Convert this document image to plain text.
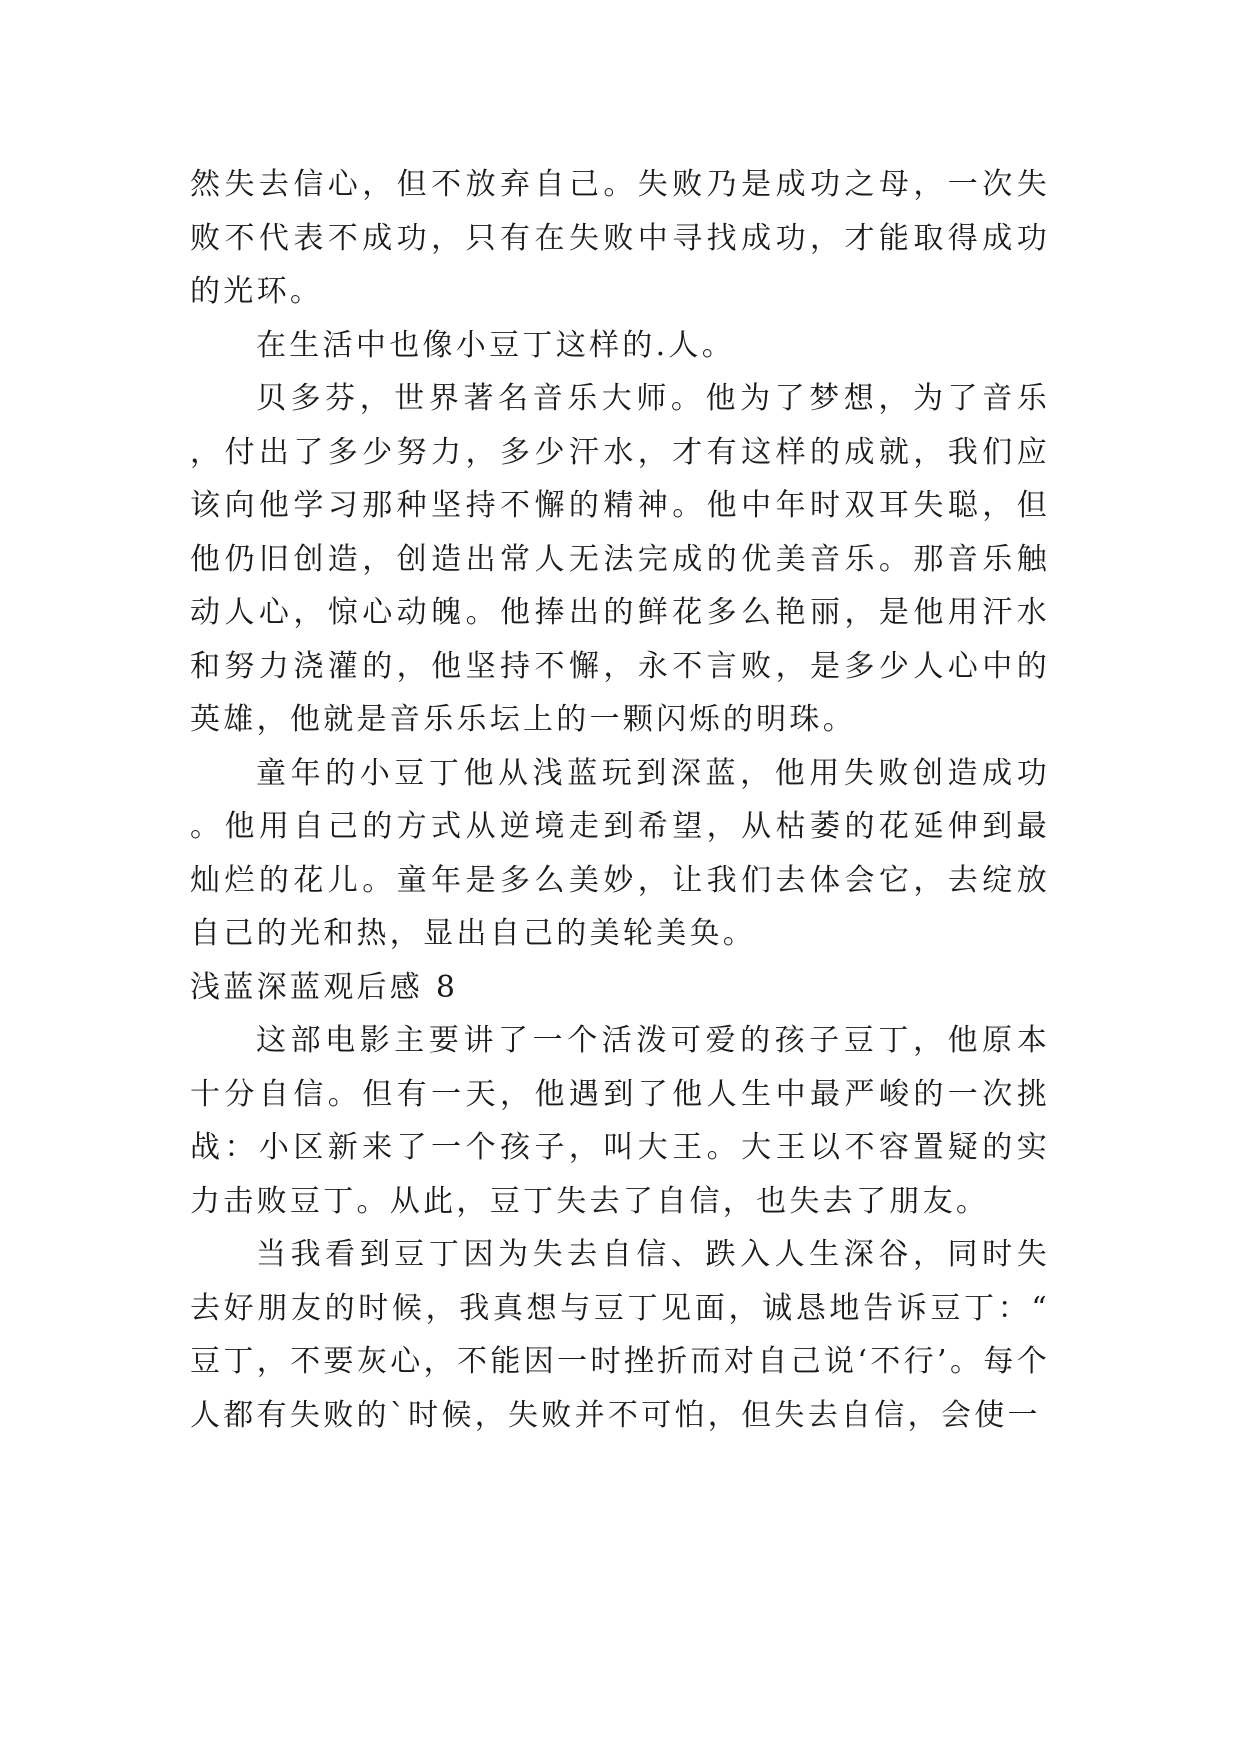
然失去信心，但不放弃自己。失败乃是成功之母，一次失败不代表不成功，只有在失败中寻找成功，才能取得成功的光环。

在生活中也像小豆丁这样的.人。

贝多芬，世界著名音乐大师。他为了梦想，为了音乐，付出了多少努力，多少汗水，才有这样的成就，我们应该向他学习那种坚持不懈的精神。他中年时双耳失聪，但他仍旧创造，创造出常人无法完成的优美音乐。那音乐触动人心，惊心动魄。他捧出的鲜花多么艳丽，是他用汗水和努力浇灌的，他坚持不懈，永不言败，是多少人心中的英雄，他就是音乐乐坛上的一颗闪烁的明珠。

童年的小豆丁他从浅蓝玩到深蓝，他用失败创造成功。他用自己的方式从逆境走到希望，从枯萎的花延伸到最灿烂的花儿。童年是多么美妙，让我们去体会它，去绽放自己的光和热，显出自己的美轮美奂。

浅蓝深蓝观后感 8

这部电影主要讲了一个活泼可爱的孩子豆丁，他原本十分自信。但有一天，他遇到了他人生中最严峻的一次挑战：小区新来了一个孩子，叫大王。大王以不容置疑的实力击败豆丁。从此，豆丁失去了自信，也失去了朋友。

当我看到豆丁因为失去自信、跌入人生深谷，同时失去好朋友的时候，我真想与豆丁见面，诚恳地告诉豆丁：“豆丁，不要灰心，不能因一时挫折而对自己说‘不行’。每个人都有失败的`时候，失败并不可怕，但失去自信，会使一
